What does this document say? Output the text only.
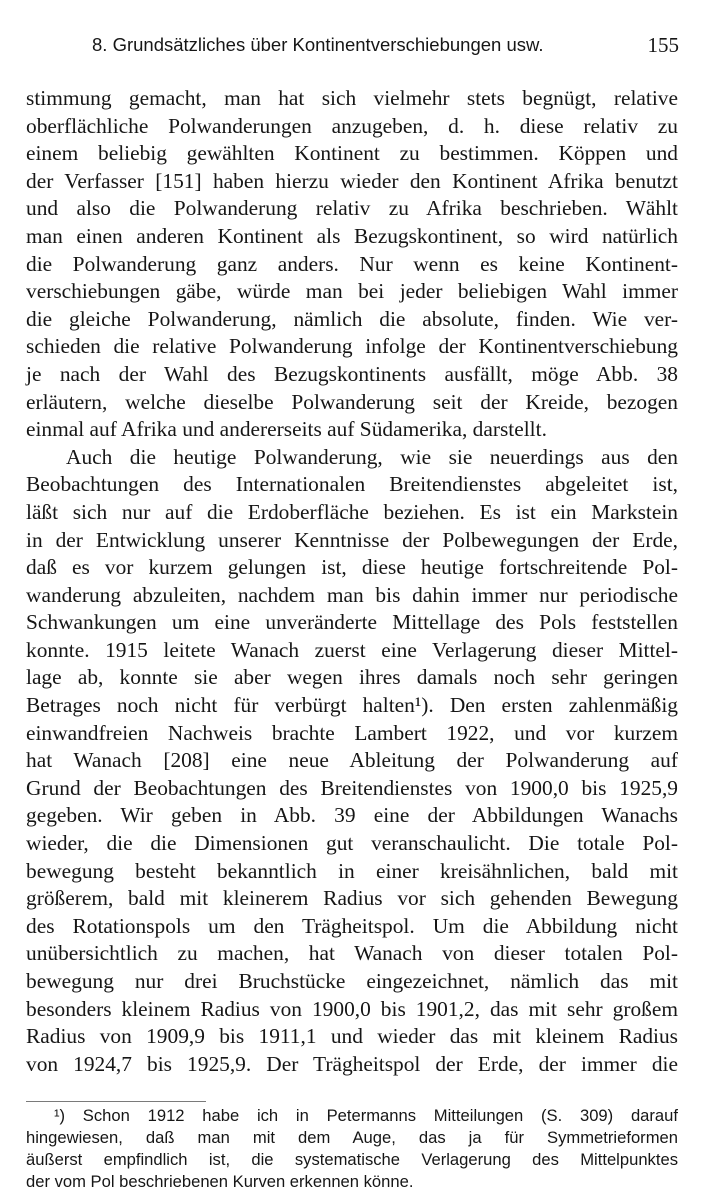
8. Grundsätzliches über Kontinentverschiebungen usw.	155
stimmung gemacht, man hat sich vielmehr stets begnügt, relative
oberflächliche Polwanderungen anzugeben, d. h. diese relativ zu
einem beliebig gewählten Kontinent zu bestimmen. Köppen und
der Verfasser [151] haben hierzu wieder den Kontinent Afrika benutzt
und also die Polwanderung relativ zu Afrika beschrieben. Wählt
man einen anderen Kontinent als Bezugskontinent, so wird natürlich
die Polwanderung ganz anders. Nur wenn es keine Kontinent-
verschiebungen gäbe, würde man bei jeder beliebigen Wahl immer
die gleiche Polwanderung, nämlich die absolute, finden. Wie ver-
schieden die relative Polwanderung infolge der Kontinentverschiebung
je nach der Wahl des Bezugskontinents ausfällt, möge Abb. 38
erläutern, welche dieselbe Polwanderung seit der Kreide, bezogen
einmal auf Afrika und andererseits auf Südamerika, darstellt.
Auch die heutige Polwanderung, wie sie neuerdings aus den
Beobachtungen des Internationalen Breitendienstes abgeleitet ist,
läßt sich nur auf die Erdoberfläche beziehen. Es ist ein Markstein
in der Entwicklung unserer Kenntnisse der Polbewegungen der Erde,
daß es vor kurzem gelungen ist, diese heutige fortschreitende Pol-
wanderung abzuleiten, nachdem man bis dahin immer nur periodische
Schwankungen um eine unveränderte Mittellage des Pols feststellen
konnte. 1915 leitete Wanach zuerst eine Verlagerung dieser Mittel-
lage ab, konnte sie aber wegen ihres damals noch sehr geringen
Betrages noch nicht für verbürgt halten¹). Den ersten zahlenmäßig
einwandfreien Nachweis brachte Lambert 1922, und vor kurzem
hat Wanach [208] eine neue Ableitung der Polwanderung auf
Grund der Beobachtungen des Breitendienstes von 1900,0 bis 1925,9
gegeben. Wir geben in Abb. 39 eine der Abbildungen Wanachs
wieder, die die Dimensionen gut veranschaulicht. Die totale Pol-
bewegung besteht bekanntlich in einer kreisähnlichen, bald mit
größerem, bald mit kleinerem Radius vor sich gehenden Bewegung
des Rotationspols um den Trägheitspol. Um die Abbildung nicht
unübersichtlich zu machen, hat Wanach von dieser totalen Pol-
bewegung nur drei Bruchstücke eingezeichnet, nämlich das mit
besonders kleinem Radius von 1900,0 bis 1901,2, das mit sehr großem
Radius von 1909,9 bis 1911,1 und wieder das mit kleinem Radius
von 1924,7 bis 1925,9. Der Trägheitspol der Erde, der immer die
¹) Schon 1912 habe ich in Petermanns Mitteilungen (S. 309) darauf
hingewiesen, daß man mit dem Auge, das ja für Symmetrieformen
äußerst empfindlich ist, die systematische Verlagerung des Mittelpunktes
der vom Pol beschriebenen Kurven erkennen könne.
